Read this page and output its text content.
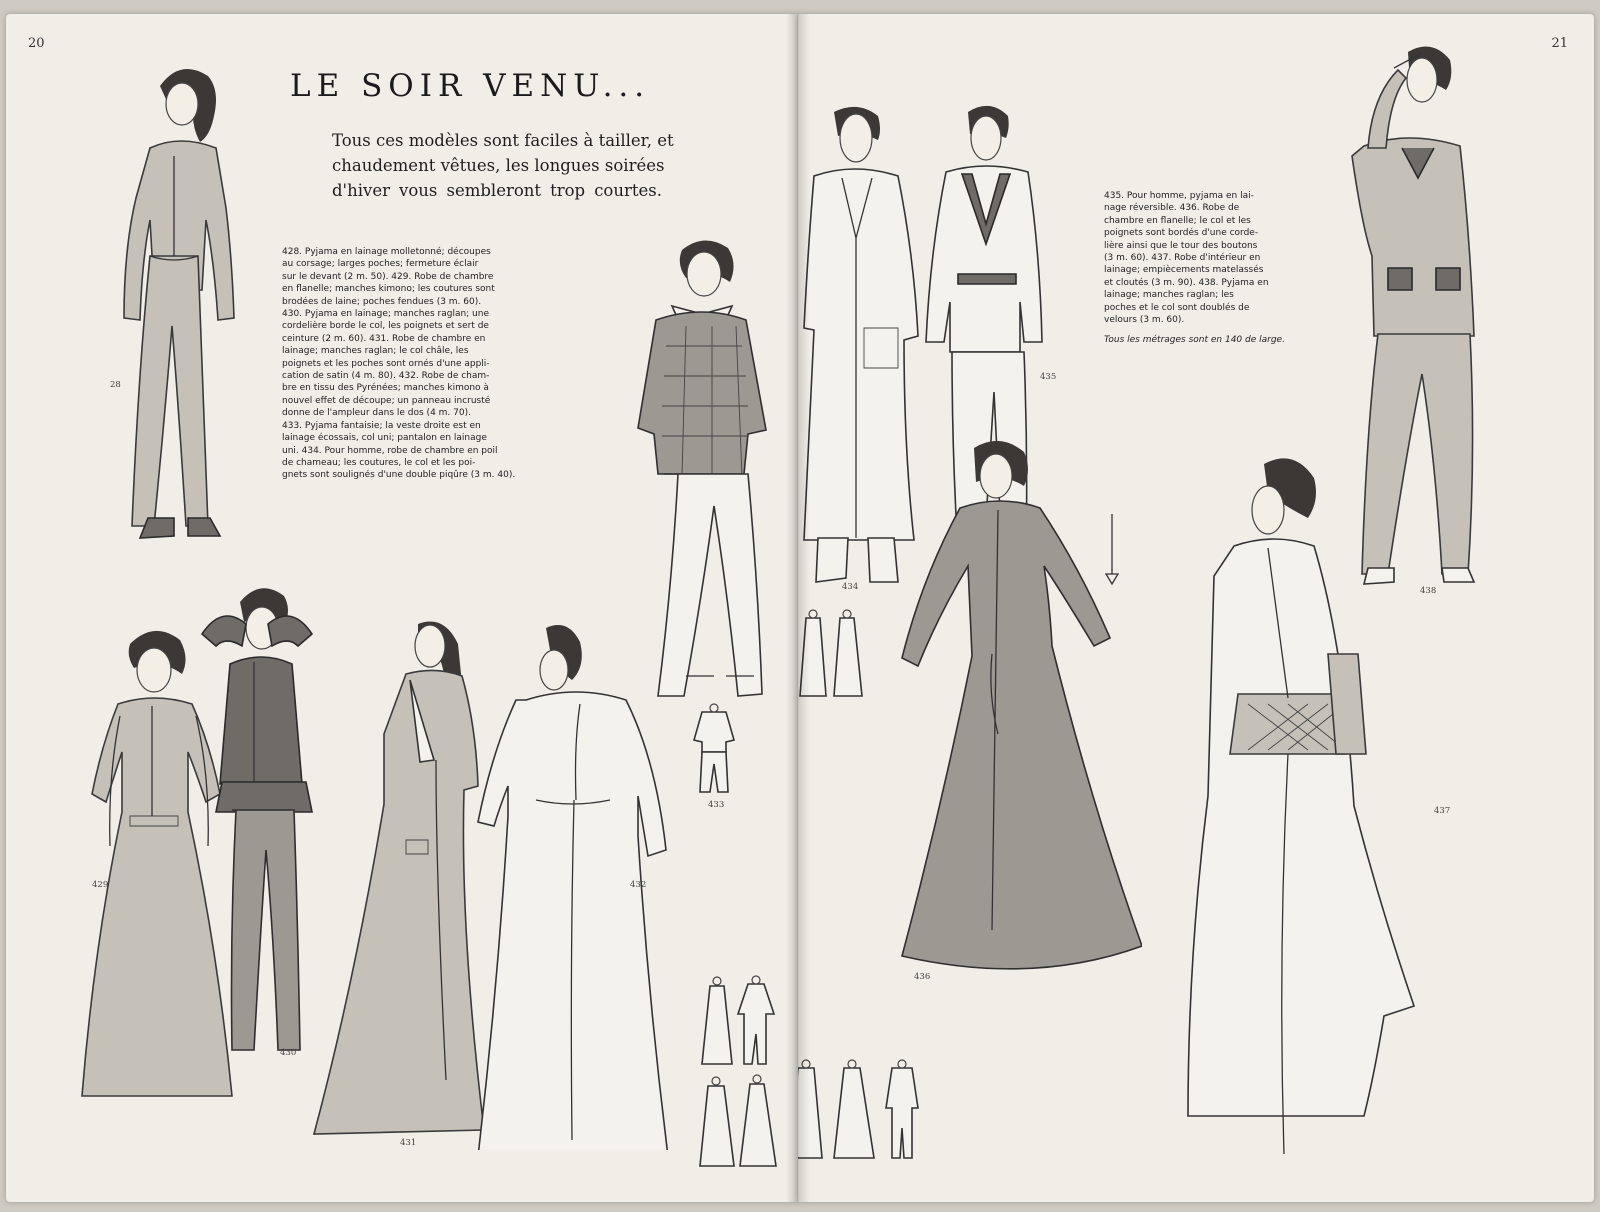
20
LE SOIR VENU...
Tous ces modèles sont faciles à tailler, et
chaudement vêtues, les longues soirées
d'hiver vous sembleront trop courtes.

428. Pyjama en lainage molletonné; découpes

au corsage; larges poches; fermeture éclair

sur le devant (2 m. 50). 429. Robe de chambre

en flanelle; manches kimono; les coutures sont

brodées de laine; poches fendues (3 m. 60).

430. Pyjama en lainage; manches raglan; une

cordelière borde le col, les poignets et sert de

ceinture (2 m. 60). 431. Robe de chambre en

lainage; manches raglan; le col châle, les

poignets et les poches sont ornés d'une appli-

cation de satin (4 m. 80). 432. Robe de cham-

bre en tissu des Pyrénées; manches kimono à

nouvel effet de découpe; un panneau incrusté

donne de l'ampleur dans le dos (4 m. 70).

433. Pyjama fantaisie; la veste droite est en

lainage écossais, col uni; pantalon en lainage

uni. 434. Pour homme, robe de chambre en poil

de chameau; les coutures, le col et les poi-

gnets sont soulignés d'une double piqûre (3 m. 40).

28
433
429
430
431
432
21

435. Pour homme, pyjama en lai-

nage réversible. 436. Robe de

chambre en flanelle; le col et les

poignets sont bordés d'une corde-

lière ainsi que le tour des boutons

(3 m. 60). 437. Robe d'intérieur en

lainage; empiècements matelassés

et cloutés (3 m. 90). 438. Pyjama en

lainage; manches raglan; les

poches et le col sont doublés de

velours (3 m. 60).

Tous les métrages sont en 140 de large.

434
435
436
437
438
